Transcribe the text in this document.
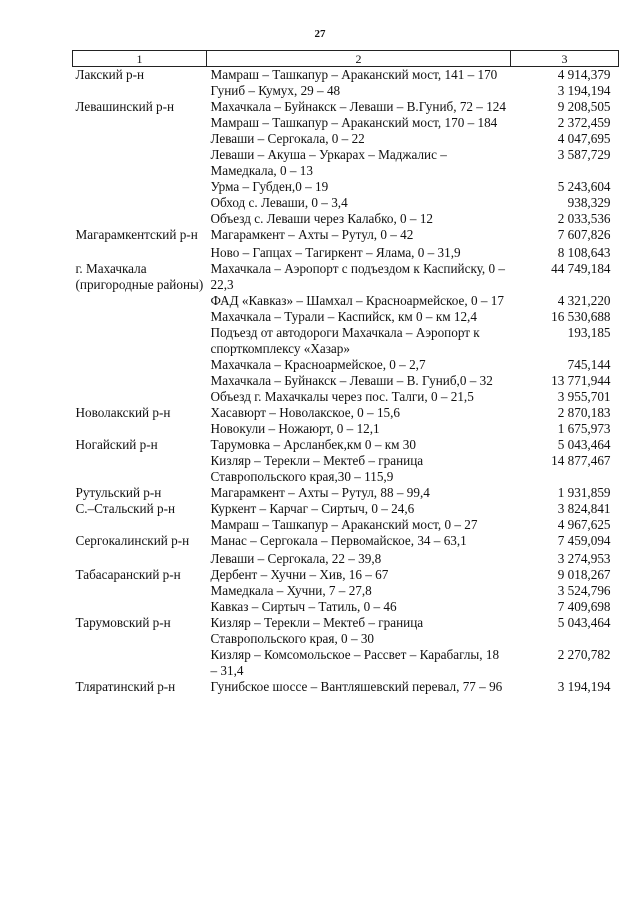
27
1	2	3
Лакский р-н	Мамраш – Ташкапур – Араканский мост, 141 – 170	4 914,379
	Гуниб – Кумух, 29 – 48	3 194,194
Левашинский р-н	Махачкала – Буйнакск – Леваши – В.Гуниб, 72 – 124	9 208,505
	Мамраш – Ташкапур – Араканский мост, 170 – 184	2 372,459
	Леваши – Сергокала, 0 – 22	4 047,695
	Леваши – Акуша – Уркарах – Маджалис – Мамедкала, 0 – 13	3 587,729
	Урма – Губден,0 – 19	5 243,604
	Обход с. Леваши, 0 – 3,4	938,329
	Объезд с. Леваши через Калабко, 0 – 12	2 033,536
Магарамкентский р-н	Магарамкент – Ахты – Рутул, 0 – 42	7 607,826
	Ново – Гапцах – Тагиркент – Ялама, 0 – 31,9	8 108,643
г. Махачкала (пригородные районы)	Махачкала – Аэропорт с подъездом к Каспийску, 0 – 22,3	44 749,184
	ФАД «Кавказ» – Шамхал – Красноармейское, 0 – 17	4 321,220
	Махачкала – Турали – Каспийск, км 0 – км 12,4	16 530,688
	Подъезд от автодороги Махачкала – Аэропорт к спорткомплексу «Хазар»	193,185
	Махачкала – Красноармейское, 0 – 2,7	745,144
	Махачкала – Буйнакск – Леваши – В. Гуниб,0 – 32	13 771,944
	Объезд г. Махачкалы через пос. Талги, 0 – 21,5	3 955,701
Новолакский р-н	Хасавюрт – Новолакское, 0 – 15,6	2 870,183
	Новокули – Ножаюрт, 0 – 12,1	1 675,973
Ногайский р-н	Тарумовка – Арсланбек,км 0 – км 30	5 043,464
	Кизляр – Терекли – Мектеб – граница Ставропольского края,30 – 115,9	14 877,467
Рутульский р-н	Магарамкент – Ахты – Рутул, 88 – 99,4	1 931,859
С.–Стальский р-н	Куркент – Карчаг – Сиртыч, 0 – 24,6	3 824,841
	Мамраш – Ташкапур – Араканский мост, 0 – 27	4 967,625
Сергокалинский р-н	Манас – Сергокала – Первомайское, 34 – 63,1	7 459,094
	Леваши – Сергокала, 22 – 39,8	3 274,953
Табасаранский р-н	Дербент – Хучни – Хив, 16 – 67	9 018,267
	Мамедкала – Хучни, 7 – 27,8	3 524,796
	Кавказ – Сиртыч – Татиль, 0 – 46	7 409,698
Тарумовский р-н	Кизляр – Терекли – Мектеб – граница Ставропольского края, 0 – 30	5 043,464
	Кизляр – Комсомольское – Рассвет – Карабаглы, 18 – 31,4	2 270,782
Тляратинский р-н	Гунибское шоссе – Вантляшевский перевал, 77 – 96	3 194,194
